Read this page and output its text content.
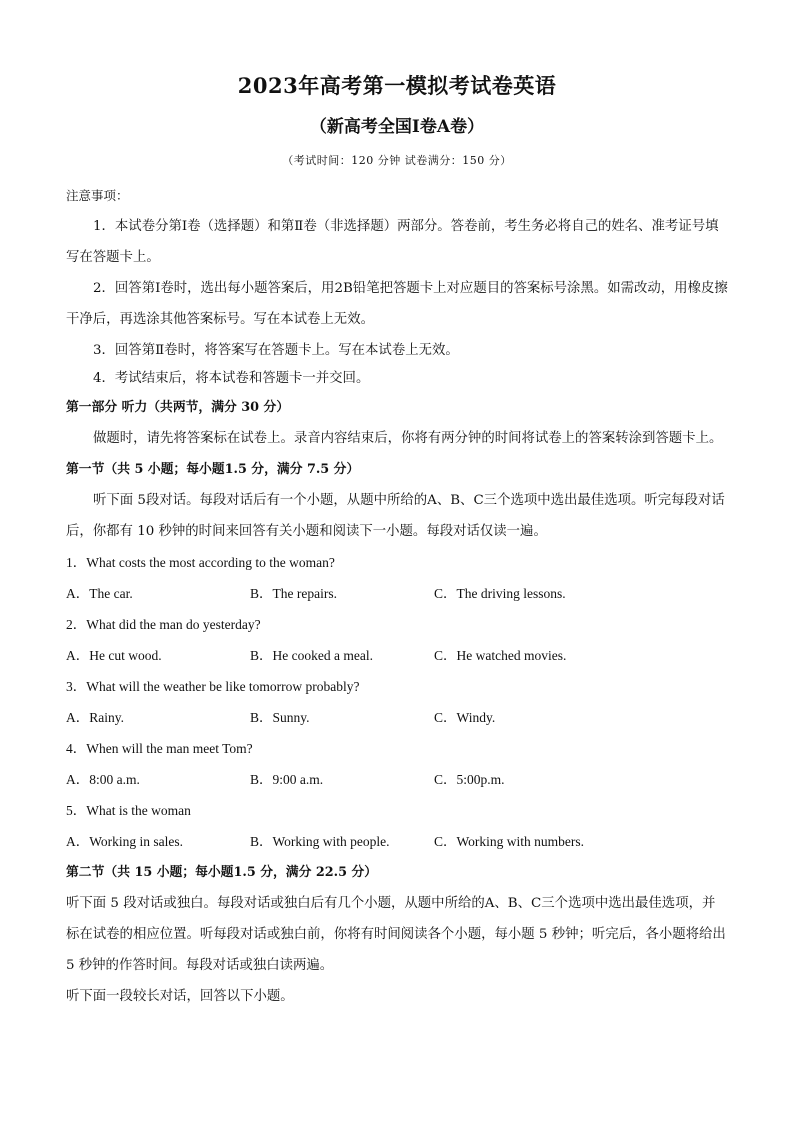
2023年高考第一模拟考试卷英语
（新高考全国Ⅰ卷A卷）
（考试时间：120 分钟 试卷满分：150 分）
注意事项：
1．本试卷分第Ⅰ卷（选择题）和第Ⅱ卷（非选择题）两部分。答卷前，考生务必将自己的姓名、准考证号填写在答题卡上。
2．回答第Ⅰ卷时，选出每小题答案后，用2B铅笔把答题卡上对应题目的答案标号涂黑。如需改动，用橡皮擦干净后，再选涂其他答案标号。写在本试卷上无效。
3．回答第Ⅱ卷时，将答案写在答题卡上。写在本试卷上无效。
4．考试结束后，将本试卷和答题卡一并交回。
第一部分 听力（共两节，满分 30 分）
做题时，请先将答案标在试卷上。录音内容结束后，你将有两分钟的时间将试卷上的答案转涂到答题卡上。
第一节（共 5 小题；每小题1.5 分，满分 7.5 分）
听下面 5段对话。每段对话后有一个小题，从题中所给的A、B、C三个选项中选出最佳选项。听完每段对话后，你都有 10 秒钟的时间来回答有关小题和阅读下一小题。每段对话仅读一遍。
1．What costs the most according to the woman?
A．The car.	B．The repairs.	C．The driving lessons.
2．What did the man do yesterday?
A．He cut wood.	B．He cooked a meal.	C．He watched movies.
3．What will the weather be like tomorrow probably?
A．Rainy.	B．Sunny.	C．Windy.
4．When will the man meet Tom?
A．8:00 a.m.	B．9:00 a.m.	C．5:00p.m.
5．What is the woman
A．Working in sales.	B．Working with people.	C．Working with numbers.
第二节（共 15 小题；每小题1.5 分，满分 22.5 分）
听下面 5 段对话或独白。每段对话或独白后有几个小题，从题中所给的A、B、C三个选项中选出最佳选项，并标在试卷的相应位置。听每段对话或独白前，你将有时间阅读各个小题，每小题 5 秒钟；听完后，各小题将给出 5 秒钟的作答时间。每段对话或独白读两遍。
听下面一段较长对话，回答以下小题。
